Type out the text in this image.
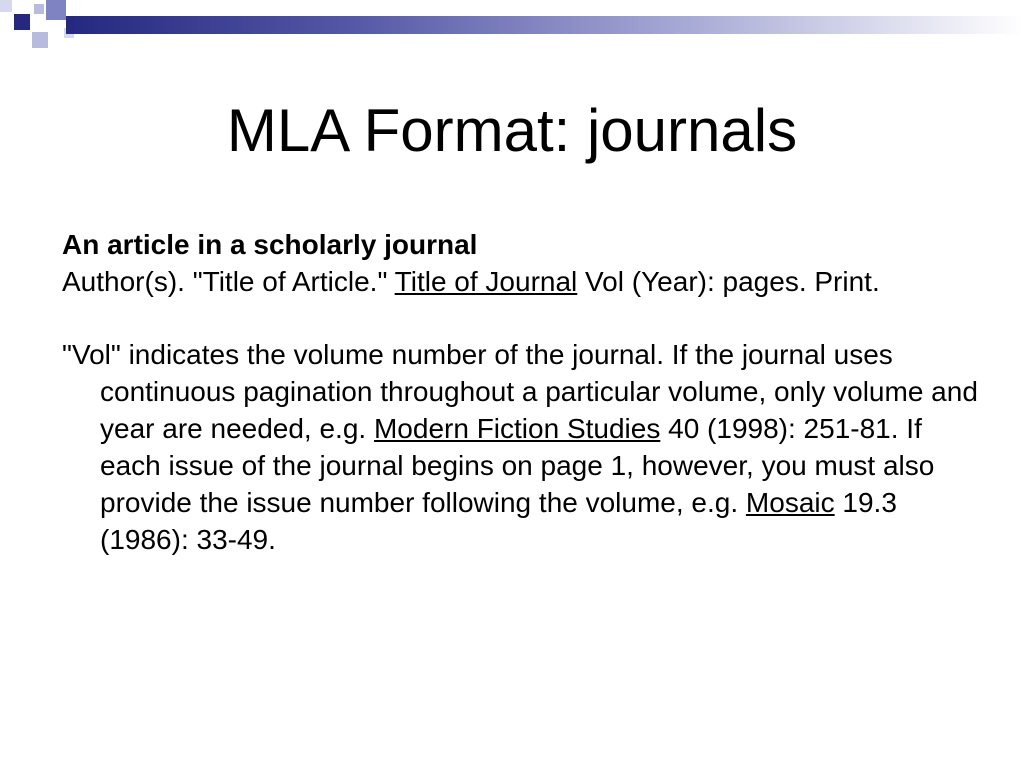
MLA Format: journals

An article in a scholarly journal

Author(s). "Title of Article." Title of Journal Vol (Year): pages. Print.

"Vol" indicates the volume number of the journal. If the journal uses continuous pagination throughout a particular volume, only volume and year are needed, e.g. Modern Fiction Studies 40 (1998): 251-81. If each issue of the journal begins on page 1, however, you must also provide the issue number following the volume, e.g. Mosaic 19.3 (1986): 33-49.
